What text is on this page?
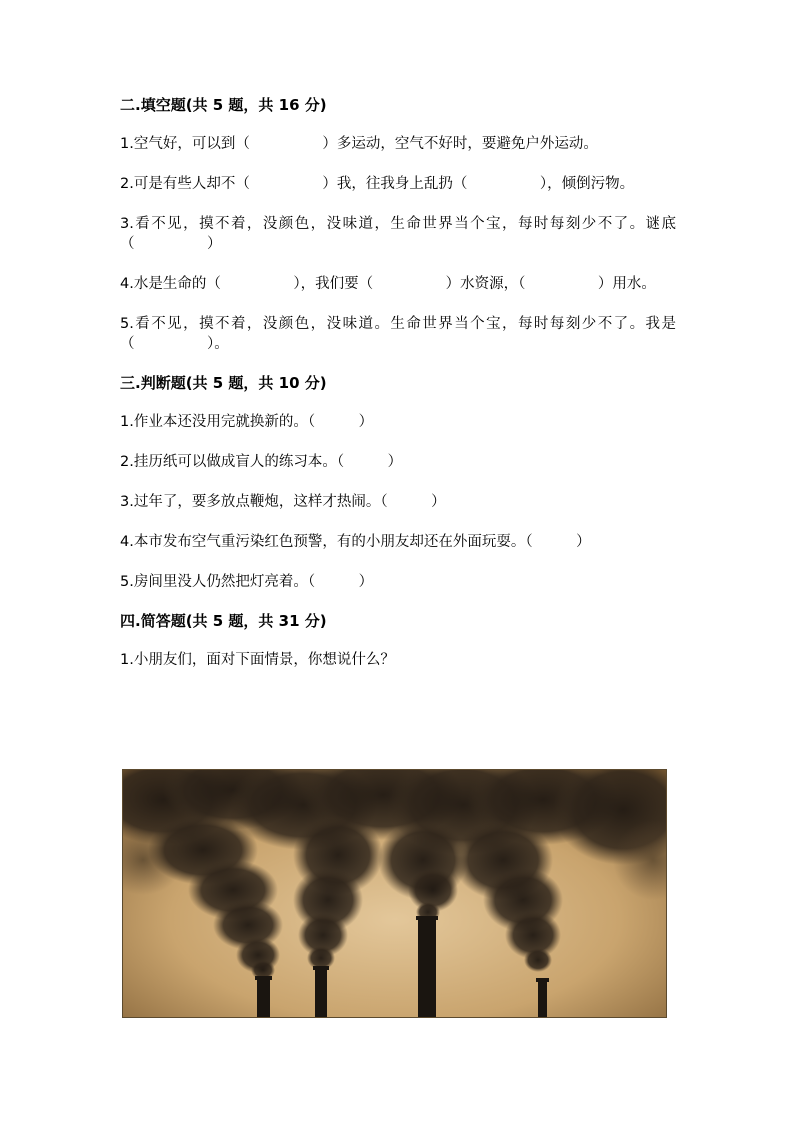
二.填空题(共 5 题，共 16 分)

1.空气好，可以到（　　　　　）多运动，空气不好时，要避免户外运动。

2.可是有些人却不（　　　　　）我，往我身上乱扔（　　　　　），倾倒污物。

3.看不见，摸不着，没颜色，没味道，生命世界当个宝，每时每刻少不了。谜底（　　　　　）

4.水是生命的（　　　　　），我们要（　　　　　）水资源，（　　　　　）用水。

5.看不见，摸不着，没颜色，没味道。生命世界当个宝，每时每刻少不了。我是（　　　　　）。

三.判断题(共 5 题，共 10 分)

1.作业本还没用完就换新的。（　　　）

2.挂历纸可以做成盲人的练习本。（　　　）

3.过年了，要多放点鞭炮，这样才热闹。（　　　）

4.本市发布空气重污染红色预警，有的小朋友却还在外面玩耍。（　　　）

5.房间里没人仍然把灯亮着。（　　　）

四.简答题(共 5 题，共 31 分)

1.小朋友们，面对下面情景，你想说什么？
